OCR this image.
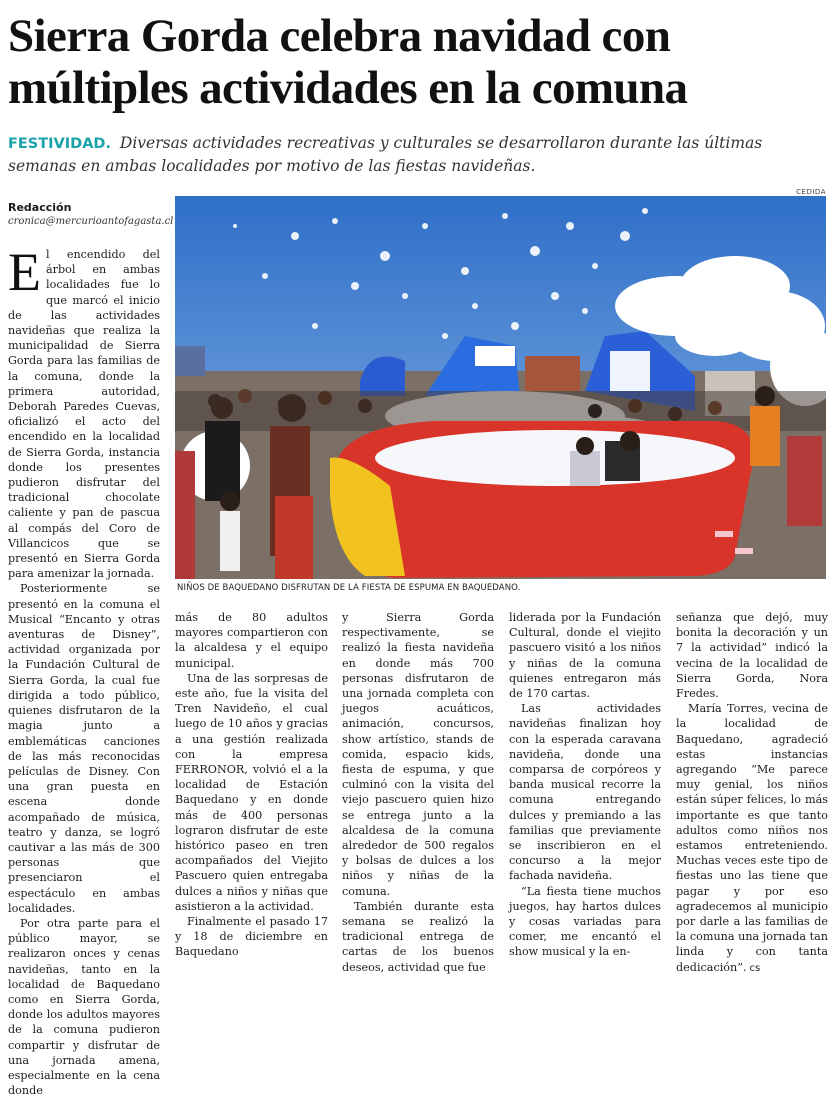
Sierra Gorda celebra navidad con múltiples actividades en la comuna

FESTIVIDAD. Diversas actividades recreativas y culturales se desarrollaron durante las últimas semanas en ambas localidades por motivo de las fiestas navideñas.

Redacción
cronica@mercurioantofagasta.cl
CEDIDA
NIÑOS DE BAQUEDANO DISFRUTAN DE LA FIESTA DE ESPUMA EN BAQUEDANO.

El encendido del árbol en ambas localidades fue lo que marcó el inicio de las actividades navideñas que realiza la municipalidad de Sierra Gorda para las familias de la comuna, donde la primera autoridad, Deborah Paredes Cuevas, oficializó el acto del encendido en la localidad de Sierra Gorda, instancia donde los presentes pudieron disfrutar del tradicional chocolate caliente y pan de pascua al compás del Coro de Villancicos que se presentó en Sierra Gorda para amenizar la jornada.

Posteriormente se presentó en la comuna el Musical “Encanto y otras aventuras de Disney”, actividad organizada por la Fundación Cultural de Sierra Gorda, la cual fue dirigida a todo público, quienes disfrutaron de la magia junto a emblemáticas canciones de las más reconocidas películas de Disney. Con una gran puesta en escena donde acompañado de música, teatro y danza, se logró cautivar a las más de 300 personas que presenciaron el espectáculo en ambas localidades.

Por otra parte para el público mayor, se realizaron onces y cenas navideñas, tanto en la localidad de Baquedano como en Sierra Gorda, donde los adultos mayores de la comuna pudieron compartir y disfrutar de una jornada amena, especialmente en la cena donde

más de 80 adultos mayores compartieron con la alcaldesa y el equipo municipal.

Una de las sorpresas de este año, fue la visita del Tren Navideño, el cual luego de 10 años y gracias a una gestión realizada con la empresa FERRONOR, volvió el a la localidad de Estación Baquedano y en donde más de 400 personas lograron disfrutar de este histórico paseo en tren acompañados del Viejito Pascuero quien entregaba dulces a niños y niñas que asistieron a la actividad.

Finalmente el pasado 17 y 18 de diciembre en Baquedano

y Sierra Gorda respectivamente, se realizó la fiesta navideña en donde más 700 personas disfrutaron de una jornada completa con juegos acuáticos, animación, concursos, show artístico, stands de comida, espacio kids, fiesta de espuma, y que culminó con la visita del viejo pascuero quien hizo se entrega junto a la alcaldesa de la comuna alrededor de 500 regalos y bolsas de dulces a los niños y niñas de la comuna.

También durante esta semana se realizó la tradicional entrega de cartas de los buenos deseos, actividad que fue

liderada por la Fundación Cultural, donde el viejito pascuero visitó a los niños y niñas de la comuna quienes entregaron más de 170 cartas.

Las actividades navideñas finalizan hoy con la esperada caravana navideña, donde una comparsa de corpóreos y banda musical recorre la comuna entregando dulces y premiando a las familias que previamente se inscribieron en el concurso a la mejor fachada navideña.

“La fiesta tiene muchos juegos, hay hartos dulces y cosas variadas para comer, me encantó el show musical y la en-

señanza que dejó, muy bonita la decoración y un 7 la actividad” indicó la vecina de la localidad de Sierra Gorda, Nora Fredes.

María Torres, vecina de la localidad de Baquedano, agradeció estas instancias agregando “Me parece muy genial, los niños están súper felices, lo más importante es que tanto adultos como niños nos estamos entreteniendo. Muchas veces este tipo de fiestas uno las tiene que pagar y por eso agradecemos al municipio por darle a las familias de la comuna una jornada tan linda y con tanta dedicación”. cs
